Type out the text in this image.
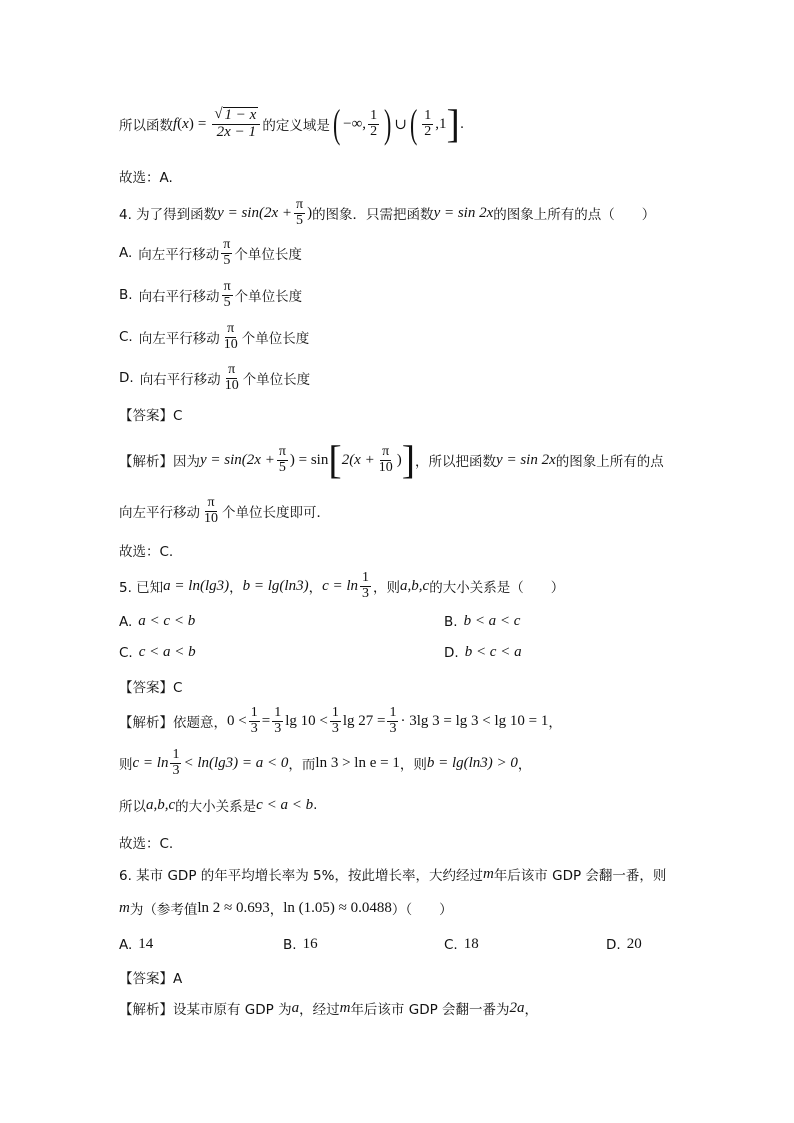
所以函数 f ( x ) = $\frac{√ 1 - x}{2x - 1}$ 的定义域是 ( −∞, $\frac{1}{2}$ ) ∪ ( $\frac{1}{2} ,1$ ] .
故选：A.
4. 为了得到函数 $y = \sin(2x + \frac{\pi}{5}$ ) 的图象．只需把函数 y = sin 2x 的图象上所有的点（　　）
A. 向左平行移动 $\frac{\pi}{5}$ 个单位长度
B. 向右平行移动 $\frac{\pi}{5}$ 个单位长度
C. 向左平行移动 $\frac{\pi}{10}$ 个单位长度
D. 向右平行移动 $\frac{\pi}{10}$ 个单位长度
【答案】C
【解析】 因为 $y = \sin(2x + \frac{\pi}{5}$ ) = sin [ $2(x + \frac{\pi}{10}$ ) ] ，所以把函数 y = sin 2x 的图象上所有的点
向左平行移动 $\frac{\pi}{10}$ 个单位长度即可．
故选：C.
5. 已知 a = ln(lg3) ， b = lg(ln3) ， $c = \ln \frac{1}{3}$ ，则 a,b,c 的大小关系是（　　）
A. a < c < b	B. b < a < c
C. c < a < b	D. b < c < a
【答案】C
【解析】 依题意， $0 < \frac{1}{3} = \frac{1}{3}$ $\lg 10 < \frac{1}{3}$ $\lg 27 = \frac{1}{3} \cdot 3\lg$ 3 = lg 3 < lg 10 = 1 ，
则 $c = \ln \frac{1}{3} < \ln(\lg 3) = a < 0$ ，而 ln 3 > ln e = 1 ，则 b = lg(ln3) > 0 ，
所以 a,b,c 的大小关系是 c < a < b .
故选：C.
6. 某市 GDP 的年平均增长率为 5%，按此增长率，大约经过 m 年后该市 GDP 会翻一番，则
m 为（参考值 ln 2 ≈ 0.693 ， ln (1.05) ≈ 0.0488 ）（　　）
A. 14	B. 16	C. 18	D. 20
【答案】A
【解析】 设某市原有 GDP 为 a ，经过 m 年后该市 GDP 会翻一番为 2a ，
